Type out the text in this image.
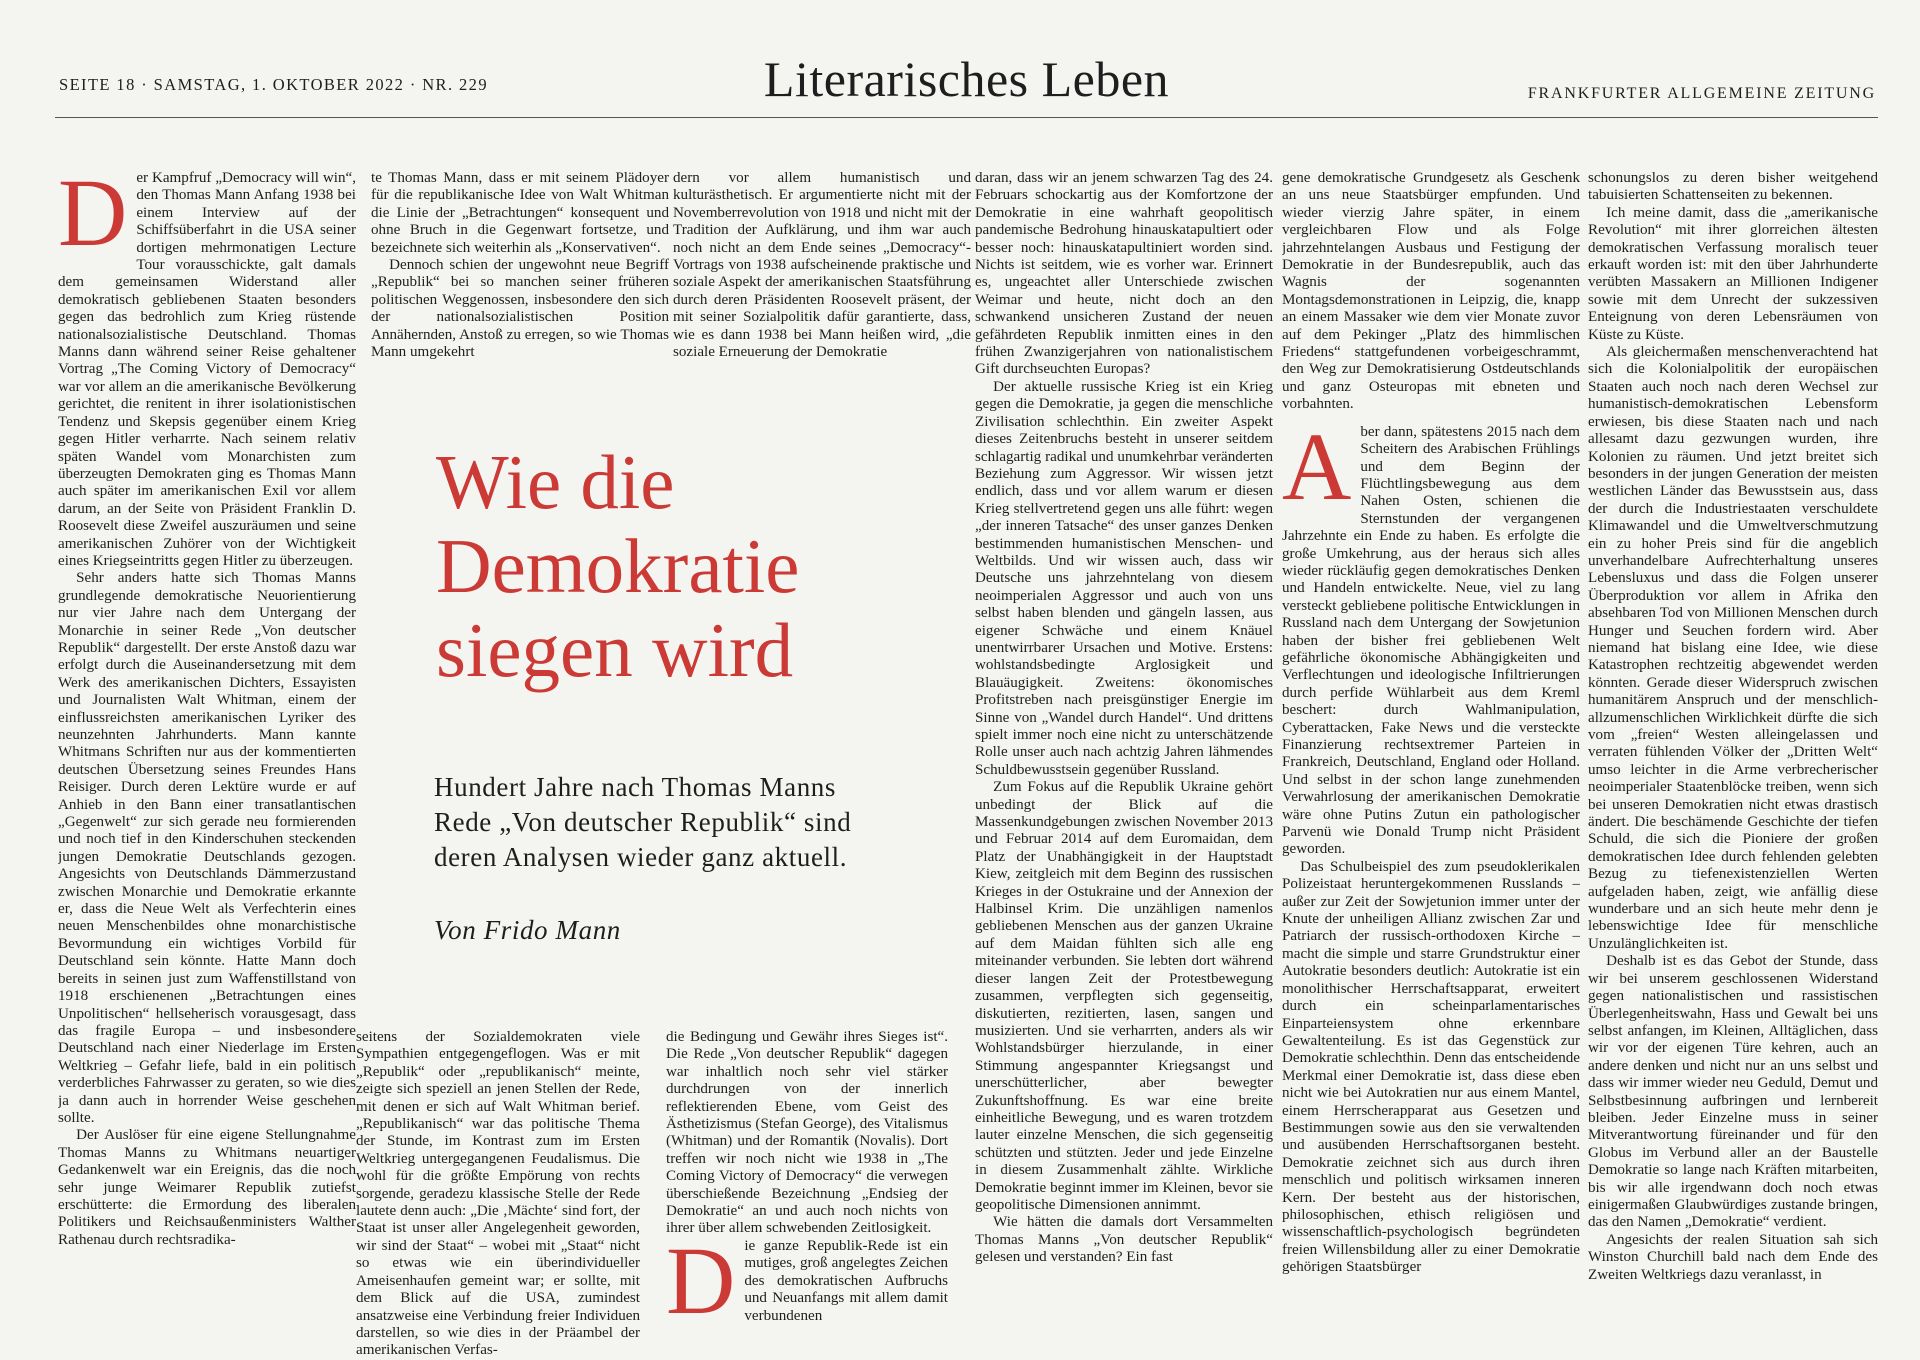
SEITE 18 · SAMSTAG, 1. OKTOBER 2022 · NR. 229	Literarisches Leben	FRANKFURTER ALLGEMEINE ZEITUNG
D er Kampfruf „Democracy will win“, den Thomas Mann Anfang 1938 bei einem Interview auf der Schiffsüberfahrt in die USA seiner dortigen mehrmonatigen Lecture Tour vorausschickte, galt damals dem gemeinsamen Widerstand aller demokratisch gebliebenen Staaten besonders gegen das bedrohlich zum Krieg rüstende nationalsozialistische Deutschland. Thomas Manns dann während seiner Reise gehaltener Vortrag „The Coming Victory of Democracy“ war vor allem an die amerikanische Bevölkerung gerichtet, die renitent in ihrer isolationistischen Tendenz und Skepsis gegenüber einem Krieg gegen Hitler verharrte. Nach seinem relativ späten Wandel vom Monarchisten zum überzeugten Demokraten ging es Thomas Mann auch später im amerikanischen Exil vor allem darum, an der Seite von Präsident Franklin D. Roosevelt diese Zweifel auszuräumen und seine amerikanischen Zuhörer von der Wichtigkeit eines Kriegseintritts gegen Hitler zu überzeugen.

Sehr anders hatte sich Thomas Manns grundlegende demokratische Neuorientierung nur vier Jahre nach dem Untergang der Monarchie in seiner Rede „Von deutscher Republik“ dargestellt. Der erste Anstoß dazu war erfolgt durch die Auseinandersetzung mit dem Werk des amerikanischen Dichters, Essayisten und Journalisten Walt Whitman, einem der einflussreichsten amerikanischen Lyriker des neunzehnten Jahrhunderts. Mann kannte Whitmans Schriften nur aus der kommentierten deutschen Übersetzung seines Freundes Hans Reisiger. Durch deren Lektüre wurde er auf Anhieb in den Bann einer transatlantischen „Gegenwelt“ zur sich gerade neu formierenden und noch tief in den Kinderschuhen steckenden jungen Demokratie Deutschlands gezogen. Angesichts von Deutschlands Dämmerzustand zwischen Monarchie und Demokratie erkannte er, dass die Neue Welt als Verfechterin eines neuen Menschenbildes ohne monarchistische Bevormundung ein wichtiges Vorbild für Deutschland sein könnte. Hatte Mann doch bereits in seinen just zum Waffenstillstand von 1918 erschienenen „Betrachtungen eines Unpolitischen“ hellseherisch vorausgesagt, dass das fragile Europa – und insbesondere Deutschland nach einer Niederlage im Ersten Weltkrieg – Gefahr liefe, bald in ein politisch verderbliches Fahrwasser zu geraten, so wie dies ja dann auch in horrender Weise geschehen sollte.

Der Auslöser für eine eigene Stellungnahme Thomas Manns zu Whitmans neuartiger Gedankenwelt war ein Ereignis, das die noch sehr junge Weimarer Republik zutiefst erschütterte: die Ermordung des liberalen Politikers und Reichsaußenministers Walther Rathenau durch rechtsradika-

te Thomas Mann, dass er mit seinem Plädoyer für die republikanische Idee von Walt Whitman die Linie der „Betrachtungen“ konsequent und ohne Bruch in die Gegenwart fortsetze, und bezeichnete sich weiterhin als „Konservativen“.

Dennoch schien der ungewohnt neue Begriff „Republik“ bei so manchen seiner früheren politischen Weggenossen, insbesondere den sich der nationalsozialistischen Position Annähernden, Anstoß zu erregen, so wie Thomas Mann umgekehrt

dern vor allem humanistisch und kulturästhetisch. Er argumentierte nicht mit der Novemberrevolution von 1918 und nicht mit der Tradition der Aufklärung, und ihm war auch noch nicht an dem Ende seines „Democracy“-Vortrags von 1938 aufscheinende praktische und soziale Aspekt der amerikanischen Staatsführung durch deren Präsidenten Roosevelt präsent, der mit seiner Sozialpolitik dafür garantierte, dass, wie es dann 1938 bei Mann heißen wird, „die soziale Erneuerung der Demokratie

Wie die Demokratie siegen wird
Hundert Jahre nach Thomas Manns Rede „Von deutscher Republik“ sind deren Analysen wieder ganz aktuell.
Von Frido Mann

seitens der Sozialdemokraten viele Sympathien entgegengeflogen. Was er mit „Republik“ oder „republikanisch“ meinte, zeigte sich speziell an jenen Stellen der Rede, mit denen er sich auf Walt Whitman berief. „Republikanisch“ war das politische Thema der Stunde, im Kontrast zum im Ersten Weltkrieg untergegangenen Feudalismus. Die wohl für die größte Empörung von rechts sorgende, geradezu klassische Stelle der Rede lautete denn auch: „Die ‚Mächte‘ sind fort, der Staat ist unser aller Angelegenheit geworden, wir sind der Staat“ – wobei mit „Staat“ nicht so etwas wie ein überindividueller Ameisenhaufen gemeint war; er sollte, mit dem Blick auf die USA, zumindest ansatzweise eine Verbindung freier Individuen darstellen, so wie dies in der Präambel der amerikanischen Verfas-

die Bedingung und Gewähr ihres Sieges ist“. Die Rede „Von deutscher Republik“ dagegen war inhaltlich noch sehr viel stärker durchdrungen von der innerlich reflektierenden Ebene, vom Geist des Ästhetizismus (Stefan George), des Vitalismus (Whitman) und der Romantik (Novalis). Dort treffen wir noch nicht wie 1938 in „The Coming Victory of Democracy“ die verwegen überschießende Bezeichnung „Endsieg der Demokratie“ an und auch noch nichts von ihrer über allem schwebenden Zeitlosigkeit.

D ie ganze Republik-Rede ist ein mutiges, groß angelegtes Zeichen des demokratischen Aufbruchs und Neuanfangs mit allem damit verbundenen

daran, dass wir an jenem schwarzen Tag des 24. Februars schockartig aus der Komfortzone der Demokratie in eine wahrhaft geopolitisch pandemische Bedrohung hinauskatapultiert oder besser noch: hinauskatapultiniert worden sind. Nichts ist seitdem, wie es vorher war. Erinnert es, ungeachtet aller Unterschiede zwischen Weimar und heute, nicht doch an den schwankend unsicheren Zustand der neuen gefährdeten Republik inmitten eines in den frühen Zwanzigerjahren von nationalistischem Gift durchseuchten Europas?

Der aktuelle russische Krieg ist ein Krieg gegen die Demokratie, ja gegen die menschliche Zivilisation schlechthin. Ein zweiter Aspekt dieses Zeitenbruchs besteht in unserer seitdem schlagartig radikal und unumkehrbar veränderten Beziehung zum Aggressor. Wir wissen jetzt endlich, dass und vor allem warum er diesen Krieg stellvertretend gegen uns alle führt: wegen „der inneren Tatsache“ des unser ganzes Denken bestimmenden humanistischen Menschen- und Weltbilds. Und wir wissen auch, dass wir Deutsche uns jahrzehntelang von diesem neoimperialen Aggressor und auch von uns selbst haben blenden und gängeln lassen, aus eigener Schwäche und einem Knäuel unentwirrbarer Ursachen und Motive. Erstens: wohlstandsbedingte Arglosigkeit und Blauäugigkeit. Zweitens: ökonomisches Profitstreben nach preisgünstiger Energie im Sinne von „Wandel durch Handel“. Und drittens spielt immer noch eine nicht zu unterschätzende Rolle unser auch nach achtzig Jahren lähmendes Schuldbewusstsein gegenüber Russland.

Zum Fokus auf die Republik Ukraine gehört unbedingt der Blick auf die Massenkundgebungen zwischen November 2013 und Februar 2014 auf dem Euromaidan, dem Platz der Unabhängigkeit in der Hauptstadt Kiew, zeitgleich mit dem Beginn des russischen Krieges in der Ostukraine und der Annexion der Halbinsel Krim. Die unzähligen namenlos gebliebenen Menschen aus der ganzen Ukraine auf dem Maidan fühlten sich alle eng miteinander verbunden. Sie lebten dort während dieser langen Zeit der Protestbewegung zusammen, verpflegten sich gegenseitig, diskutierten, rezitierten, lasen, sangen und musizierten. Und sie verharrten, anders als wir Wohlstandsbürger hierzulande, in einer Stimmung angespannter Kriegsangst und unerschütterlicher, aber bewegter Zukunftshoffnung. Es war eine breite einheitliche Bewegung, und es waren trotzdem lauter einzelne Menschen, die sich gegenseitig schützten und stützten. Jeder und jede Einzelne in diesem Zusammenhalt zählte. Wirkliche Demokratie beginnt immer im Kleinen, bevor sie geopolitische Dimensionen annimmt.

Wie hätten die damals dort Versammelten Thomas Manns „Von deutscher Republik“ gelesen und verstanden? Ein fast

gene demokratische Grundgesetz als Geschenk an uns neue Staatsbürger empfunden. Und wieder vierzig Jahre später, in einem vergleichbaren Flow und als Folge jahrzehntelangen Ausbaus und Festigung der Demokratie in der Bundesrepublik, auch das Wagnis der sogenannten Montagsdemonstrationen in Leipzig, die, knapp an einem Massaker wie dem vier Monate zuvor auf dem Pekinger „Platz des himmlischen Friedens“ stattgefundenen vorbeigeschrammt, den Weg zur Demokratisierung Ostdeutschlands und ganz Osteuropas mit ebneten und vorbahnten.

A ber dann, spätestens 2015 nach dem Scheitern des Arabischen Frühlings und dem Beginn der Flüchtlingsbewegung aus dem Nahen Osten, schienen die Sternstunden der vergangenen Jahrzehnte ein Ende zu haben. Es erfolgte die große Umkehrung, aus der heraus sich alles wieder rückläufig gegen demokratisches Denken und Handeln entwickelte. Neue, viel zu lang versteckt gebliebene politische Entwicklungen in Russland nach dem Untergang der Sowjetunion haben der bisher frei gebliebenen Welt gefährliche ökonomische Abhängigkeiten und Verflechtungen und ideologische Infiltrierungen durch perfide Wühlarbeit aus dem Kreml beschert: durch Wahlmanipulation, Cyberattacken, Fake News und die versteckte Finanzierung rechtsextremer Parteien in Frankreich, Deutschland, England oder Holland. Und selbst in der schon lange zunehmenden Verwahrlosung der amerikanischen Demokratie wäre ohne Putins Zutun ein pathologischer Parvenü wie Donald Trump nicht Präsident geworden.

Das Schulbeispiel des zum pseudoklerikalen Polizeistaat heruntergekommenen Russlands – außer zur Zeit der Sowjetunion immer unter der Knute der unheiligen Allianz zwischen Zar und Patriarch der russisch-orthodoxen Kirche – macht die simple und starre Grundstruktur einer Autokratie besonders deutlich: Autokratie ist ein monolithischer Herrschaftsapparat, erweitert durch ein scheinparlamentarisches Einparteiensystem ohne erkennbare Gewaltenteilung. Es ist das Gegenstück zur Demokratie schlechthin. Denn das entscheidende Merkmal einer Demokratie ist, dass diese eben nicht wie bei Autokratien nur aus einem Mantel, einem Herrscherapparat aus Gesetzen und Bestimmungen sowie aus den sie verwaltenden und ausübenden Herrschaftsorganen besteht. Demokratie zeichnet sich aus durch ihren menschlich und politisch wirksamen inneren Kern. Der besteht aus der historischen, philosophischen, ethisch religiösen und wissenschaftlich-psychologisch begründeten freien Willensbildung aller zu einer Demokratie gehörigen Staatsbürger

schonungslos zu deren bisher weitgehend tabuisierten Schattenseiten zu bekennen.

Ich meine damit, dass die „amerikanische Revolution“ mit ihrer glorreichen ältesten demokratischen Verfassung moralisch teuer erkauft worden ist: mit den über Jahrhunderte verübten Massakern an Millionen Indigener sowie mit dem Unrecht der sukzessiven Enteignung von deren Lebensräumen von Küste zu Küste.

Als gleichermaßen menschenverachtend hat sich die Kolonialpolitik der europäischen Staaten auch noch nach deren Wechsel zur humanistisch-demokratischen Lebensform erwiesen, bis diese Staaten nach und nach allesamt dazu gezwungen wurden, ihre Kolonien zu räumen. Und jetzt breitet sich besonders in der jungen Generation der meisten westlichen Länder das Bewusstsein aus, dass der durch die Industriestaaten verschuldete Klimawandel und die Umweltverschmutzung ein zu hoher Preis sind für die angeblich unverhandelbare Aufrechterhaltung unseres Lebensluxus und dass die Folgen unserer Überproduktion vor allem in Afrika den absehbaren Tod von Millionen Menschen durch Hunger und Seuchen fordern wird. Aber niemand hat bislang eine Idee, wie diese Katastrophen rechtzeitig abgewendet werden könnten. Gerade dieser Widerspruch zwischen humanitärem Anspruch und der menschlich-allzumenschlichen Wirklichkeit dürfte die sich vom „freien“ Westen alleingelassen und verraten fühlenden Völker der „Dritten Welt“ umso leichter in die Arme verbrecherischer neoimperialer Staatenblöcke treiben, wenn sich bei unseren Demokratien nicht etwas drastisch ändert. Die beschämende Geschichte der tiefen Schuld, die sich die Pioniere der großen demokratischen Idee durch fehlenden gelebten Bezug zu tiefenexistenziellen Werten aufgeladen haben, zeigt, wie anfällig diese wunderbare und an sich heute mehr denn je lebenswichtige Idee für menschliche Unzulänglichkeiten ist.

Deshalb ist es das Gebot der Stunde, dass wir bei unserem geschlossenen Widerstand gegen nationalistischen und rassistischen Überlegenheitswahn, Hass und Gewalt bei uns selbst anfangen, im Kleinen, Alltäglichen, dass wir vor der eigenen Türe kehren, auch an andere denken und nicht nur an uns selbst und dass wir immer wieder neu Geduld, Demut und Selbstbesinnung aufbringen und lernbereit bleiben. Jeder Einzelne muss in seiner Mitverantwortung füreinander und für den Globus im Verbund aller an der Baustelle Demokratie so lange nach Kräften mitarbeiten, bis wir alle irgendwann doch noch etwas einigermaßen Glaubwürdiges zustande bringen, das den Namen „Demokratie“ verdient.

Angesichts der realen Situation sah sich Winston Churchill bald nach dem Ende des Zweiten Weltkriegs dazu veranlasst, in
